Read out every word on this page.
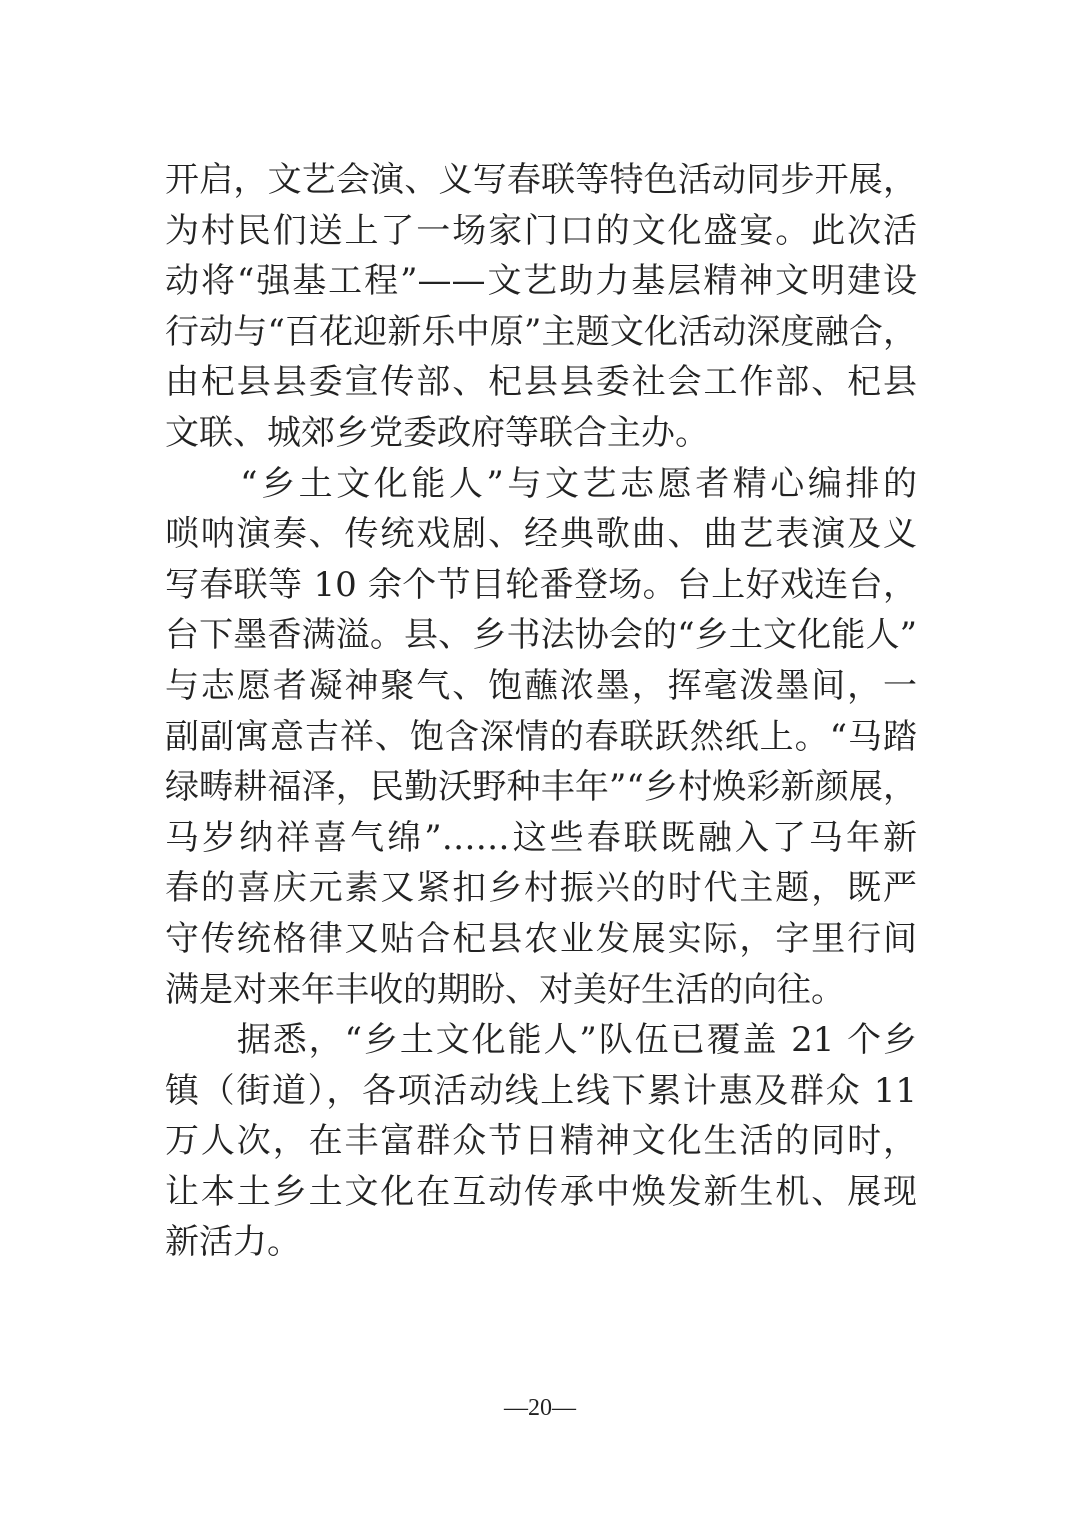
开启，文艺会演、义写春联等特色活动同步开展，
为村民们送上了一场家门口的文化盛宴。此次活
动将“强基工程”——文艺助力基层精神文明建设
行动与“百花迎新乐中原”主题文化活动深度融合，
由杞县县委宣传部、杞县县委社会工作部、杞县
文联、城郊乡党委政府等联合主办。
　　“乡土文化能人”与文艺志愿者精心编排的
唢呐演奏、传统戏剧、经典歌曲、曲艺表演及义
写春联等 10 余个节目轮番登场。台上好戏连台，
台下墨香满溢。县、乡书法协会的“乡土文化能人”
与志愿者凝神聚气、饱蘸浓墨，挥毫泼墨间，一
副副寓意吉祥、饱含深情的春联跃然纸上。“马踏
绿畴耕福泽，民勤沃野种丰年”“乡村焕彩新颜展，
马岁纳祥喜气绵”……这些春联既融入了马年新
春的喜庆元素又紧扣乡村振兴的时代主题，既严
守传统格律又贴合杞县农业发展实际，字里行间
满是对来年丰收的期盼、对美好生活的向往。
　　据悉，“乡土文化能人”队伍已覆盖 21 个乡
镇（街道），各项活动线上线下累计惠及群众 11
万人次，在丰富群众节日精神文化生活的同时，
让本土乡土文化在互动传承中焕发新生机、展现
新活力。
—20—
